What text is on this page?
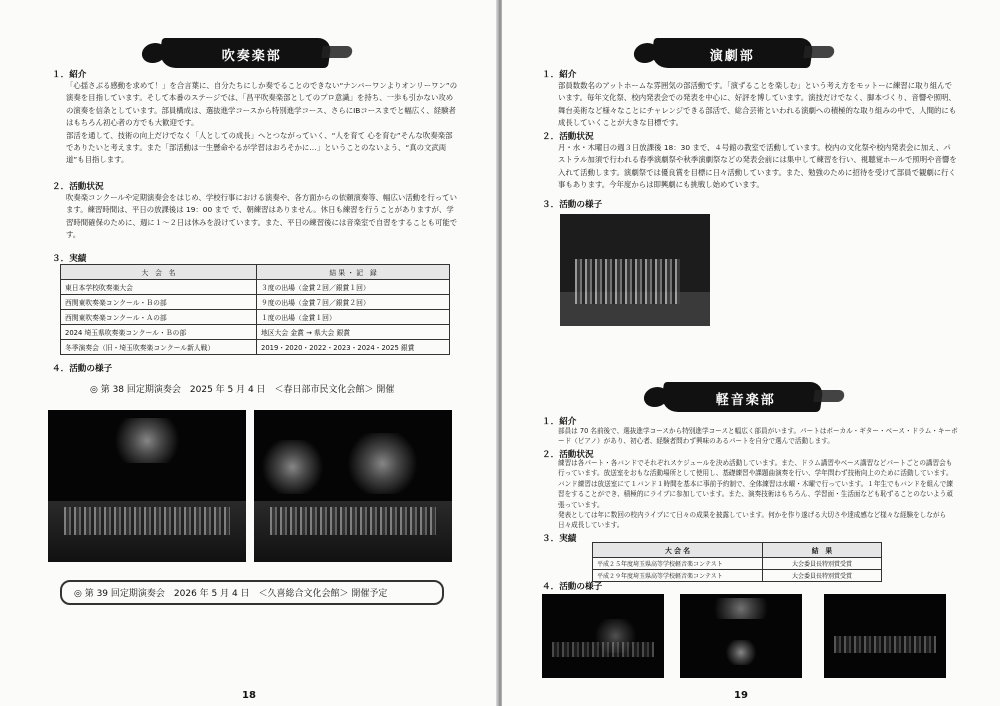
吹奏楽部
１．紹介
「心揺さぶる感動を求めて！」を合言葉に、自分たちにしか奏でることのできない“ナンバーワンよりオンリーワン”の演奏を目指しています。そして本番のステージでは、「昌平吹奏楽部としてのプロ意識」を持ち、一歩も引かない攻めの演奏を信条としています。部員構成は、選抜進学コースから特別進学コース、さらにIBコースまでと幅広く、経験者はもちろん初心者の方でも大歓迎です。
部活を通して、技術の向上だけでなく「人としての成長」へとつながっていく、“人を育て 心を育む”そんな吹奏楽部でありたいと考えます。また「部活動は一生懸命やるが学習はおろそかに…」ということのないよう、“真の文武両道”も目指します。
２．活動状況
吹奏楽コンクールや定期演奏会をはじめ、学校行事における演奏や、各方面からの依頼演奏等、幅広い活動を行っています。練習時間は、平日の放課後は 19：00 まで で、朝練習はありません。休日も練習を行うことがありますが、学習時間確保のために、週に１〜２日は休みを設けています。また、平日の練習後には音楽室で自習をすることも可能です。
３．実績
大　会　名	結 果 ・ 記　録
東日本学校吹奏楽大会	３度の出場（金賞２回／銀賞１回）
西関東吹奏楽コンクール・Ｂの部	９度の出場（金賞７回／銀賞２回）
西関東吹奏楽コンクール・Ａの部	１度の出場（金賞１回）
2024 埼玉県吹奏楽コンクール・Ｂの部	地区大会 金賞 → 県大会 銀賞
冬季演奏会（旧・埼玉吹奏楽コンクール新人戦）	2019・2020・2022・2023・2024・2025 銀賞
４．活動の様子
◎ 第 38 回定期演奏会　2025 年 5 月 4 日　＜春日部市民文化会館＞ 開催
◎ 第 39 回定期演奏会　2026 年 5 月 4 日　＜久喜総合文化会館＞ 開催予定
18
演劇部
１．紹介
部員数数名のアットホームな雰囲気の部活動です。「演ずることを楽しむ」という考え方をモットーに練習に取り組んでいます。毎年文化祭、校内発表会での発表を中心に、好評を博しています。演技だけでなく、脚本づくり、音響や照明、舞台美術など様々なことにチャレンジできる部活で、総合芸術といわれる演劇への積極的な取り組みの中で、人間的にも成長していくことが大きな目標です。
２．活動状況
月・水・木曜日の週３日放課後 18：30 まで、４号館の教室で活動しています。校内の文化祭や校内発表会に加え、パストラル加須で行われる春季演劇祭や秋季演劇祭などの発表会前には集中して練習を行い、視聴覚ホールで照明や音響を入れて活動します。演劇祭では優良賞を目標に日々活動しています。また、勉強のために招待を受けて部員で観劇に行く事もあります。今年度からは即興劇にも挑戦し始めています。
３．活動の様子
軽音楽部
１．紹介
部員は 70 名前後で、選抜進学コースから特別進学コースと幅広く部員がいます。パートはボーカル・ギター・ベース・ドラム・キーボード（ピアノ）があり、初心者、経験者問わず興味のあるパートを自分で選んで活動します。
２．活動状況
練習は各パート・各バンドでそれぞれスケジュールを決め活動しています。また、ドラム講習やベース講習などパートごとの講習会も行っています。放送室をおもな活動場所として使用し、基礎練習や課題曲演奏を行い、学年問わず技術向上のために活動しています。
バンド練習は放送室にて１バンド１時間を基本に事前予約制で、全体練習は水曜・木曜で行っています。１年生でもバンドを組んで練習をすることができ、積極的にライブに参加しています。また、演奏技術はもちろん、学習面・生活面なども恥ずることのないよう頑張っています。
発表としては年に数回の校内ライブにて日々の成果を披露しています。何かを作り遂げる大切さや達成感など様々な経験をしながら日々成長しています。
３．実績
大 会 名	結　果
平成２５年度埼玉県高等学校軽音楽コンテスト	大会委員長特別賞受賞
平成２９年度埼玉県高等学校軽音楽コンテスト	大会委員長特別賞受賞
４．活動の様子
19
